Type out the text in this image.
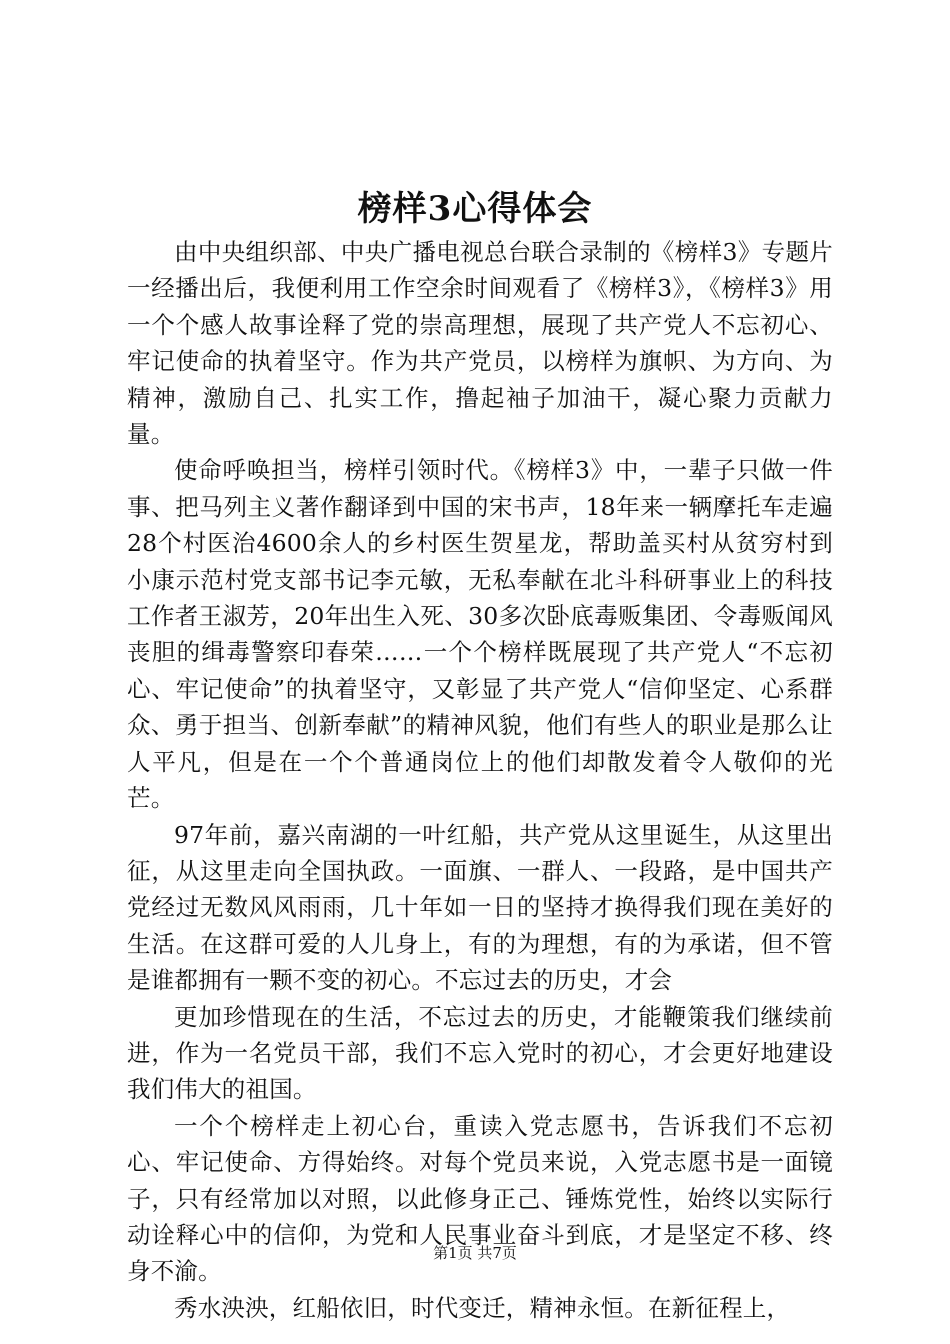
榜样3心得体会

由中央组织部、中央广播电视总台联合录制的《榜样3》专题片一经播出后，我便利用工作空余时间观看了《榜样3》，《榜样3》用一个个感人故事诠释了党的崇高理想，展现了共产党人不忘初心、牢记使命的执着坚守。作为共产党员，以榜样为旗帜、为方向、为精神，激励自己、扎实工作，撸起袖子加油干，凝心聚力贡献力量。

使命呼唤担当，榜样引领时代。《榜样3》中，一辈子只做一件事、把马列主义著作翻译到中国的宋书声，18年来一辆摩托车走遍28个村医治4600余人的乡村医生贺星龙，帮助盖买村从贫穷村到小康示范村党支部书记李元敏，无私奉献在北斗科研事业上的科技工作者王淑芳，20年出生入死、30多次卧底毒贩集团、令毒贩闻风丧胆的缉毒警察印春荣……一个个榜样既展现了共产党人“不忘初心、牢记使命”的执着坚守，又彰显了共产党人“信仰坚定、心系群众、勇于担当、创新奉献”的精神风貌，他们有些人的职业是那么让人平凡，但是在一个个普通岗位上的他们却散发着令人敬仰的光芒。

97年前，嘉兴南湖的一叶红船，共产党从这里诞生，从这里出征，从这里走向全国执政。一面旗、一群人、一段路，是中国共产党经过无数风风雨雨，几十年如一日的坚持才换得我们现在美好的生活。在这群可爱的人儿身上，有的为理想，有的为承诺，但不管是谁都拥有一颗不变的初心。不忘过去的历史，才会

更加珍惜现在的生活，不忘过去的历史，才能鞭策我们继续前进，作为一名党员干部，我们不忘入党时的初心，才会更好地建设我们伟大的祖国。

一个个榜样走上初心台，重读入党志愿书，告诉我们不忘初心、牢记使命、方得始终。对每个党员来说，入党志愿书是一面镜子，只有经常加以对照，以此修身正己、锤炼党性，始终以实际行动诠释心中的信仰，为党和人民事业奋斗到底，才是坚定不移、终身不渝。

秀水泱泱，红船依旧，时代变迁，精神永恒。在新征程上，

第1页 共7页
